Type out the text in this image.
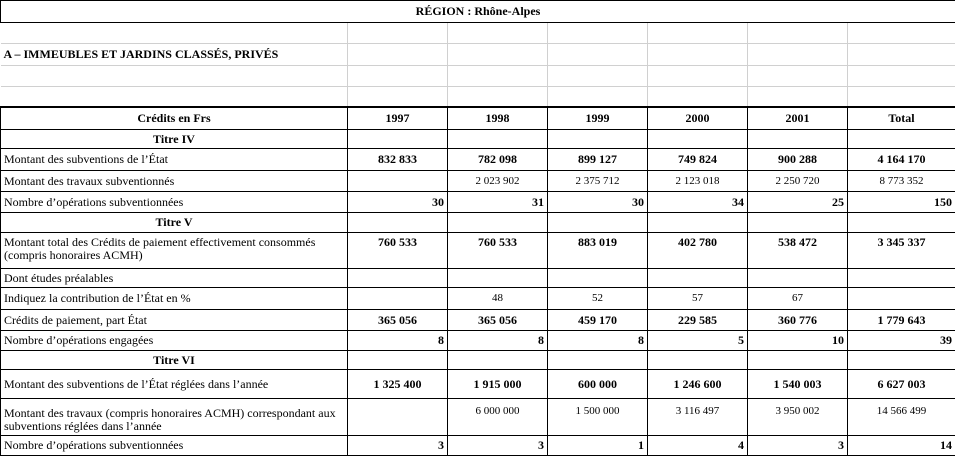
RÉGION : Rhône-Alpes						

A – IMMEUBLES ET JARDINS CLASSÉS, PRIVÉS						

Crédits en Frs	1997	1998	1999	2000	2001	Total
Titre IV						
Montant des subventions de l’État	832 833	782 098	899 127	749 824	900 288	4 164 170
Montant des travaux subventionnés		2 023 902	2 375 712	2 123 018	2 250 720	8 773 352
Nombre d’opérations subventionnées	30	31	30	34	25	150
Titre V						
Montant total des Crédits de paiement effectivement consommés (compris honoraires ACMH)	760 533	760 533	883 019	402 780	538 472	3 345 337
Dont études préalables						
Indiquez la contribution de l’État en %		48	52	57	67	
Crédits de paiement, part État	365 056	365 056	459 170	229 585	360 776	1 779 643
Nombre d’opérations engagées	8	8	8	5	10	39
Titre VI						
Montant des subventions de l’État réglées dans l’année	1 325 400	1 915 000	600 000	1 246 600	1 540 003	6 627 003
Montant des travaux (compris honoraires ACMH) correspondant aux subventions réglées dans l’année		6 000 000	1 500 000	3 116 497	3 950 002	14 566 499
Nombre d’opérations subventionnées	3	3	1	4	3	14
